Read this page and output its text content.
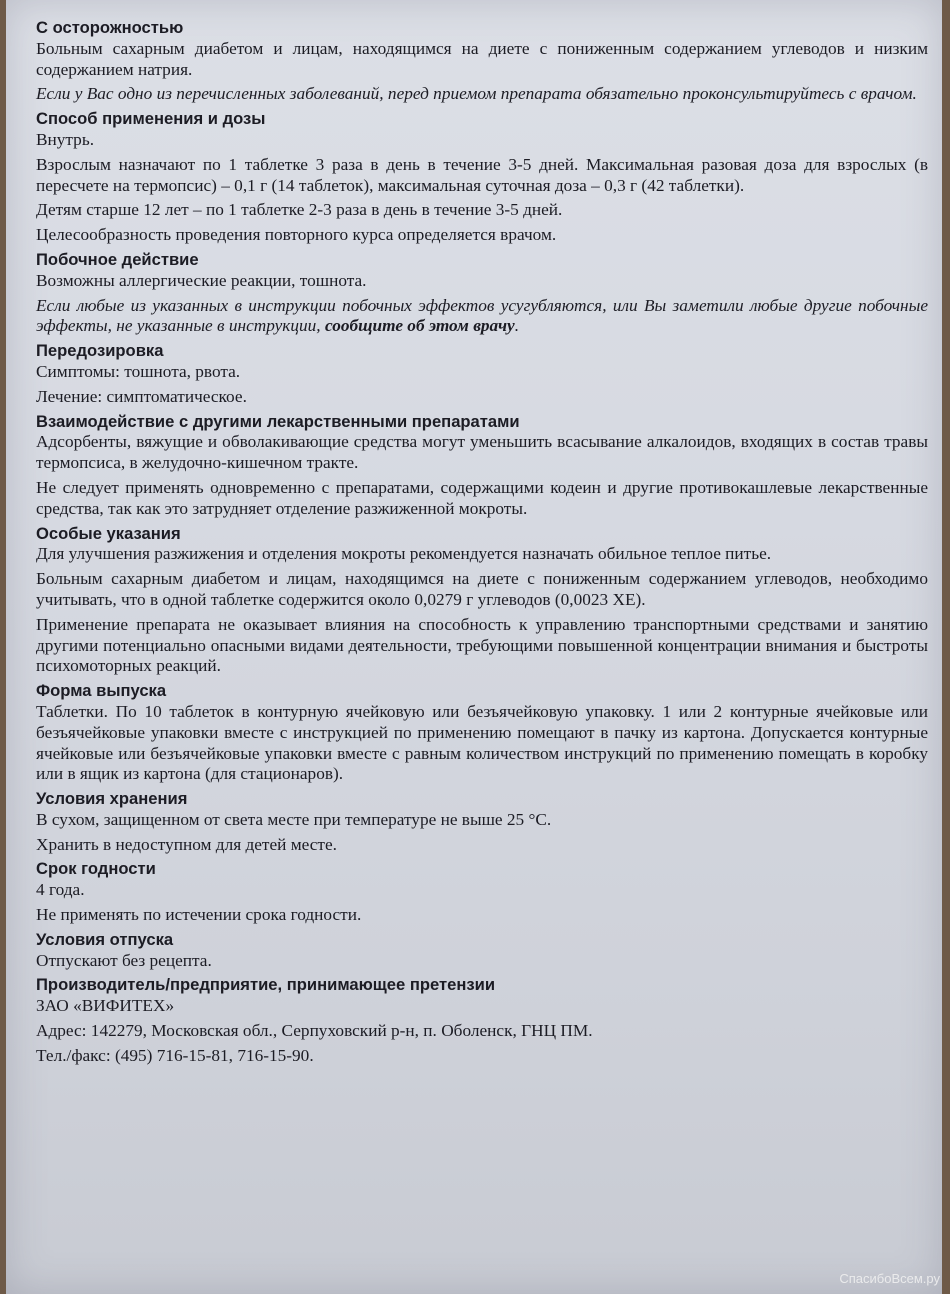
С осторожностью
Больным сахарным диабетом и лицам, находящимся на диете с пониженным содержанием углеводов и низким содержанием натрия.
Если у Вас одно из перечисленных заболеваний, перед приемом препарата обязательно проконсультируйтесь с врачом.
Способ применения и дозы
Внутрь.
Взрослым назначают по 1 таблетке 3 раза в день в течение 3-5 дней. Максимальная разовая доза для взрослых (в пересчете на термопсис) – 0,1 г (14 таблеток), максимальная суточная доза – 0,3 г (42 таблетки).
Детям старше 12 лет – по 1 таблетке 2-3 раза в день в течение 3-5 дней.
Целесообразность проведения повторного курса определяется врачом.
Побочное действие
Возможны аллергические реакции, тошнота.
Если любые из указанных в инструкции побочных эффектов усугубляются, или Вы заметили любые другие побочные эффекты, не указанные в инструкции, сообщите об этом врачу.
Передозировка
Симптомы: тошнота, рвота.
Лечение: симптоматическое.
Взаимодействие с другими лекарственными препаратами
Адсорбенты, вяжущие и обволакивающие средства могут уменьшить всасывание алкалоидов, входящих в состав травы термопсиса, в желудочно-кишечном тракте.
Не следует применять одновременно с препаратами, содержащими кодеин и другие противокашлевые лекарственные средства, так как это затрудняет отделение разжиженной мокроты.
Особые указания
Для улучшения разжижения и отделения мокроты рекомендуется назначать обильное теплое питье.
Больным сахарным диабетом и лицам, находящимся на диете с пониженным содержанием углеводов, необходимо учитывать, что в одной таблетке содержится около 0,0279 г углеводов (0,0023 ХЕ).
Применение препарата не оказывает влияния на способность к управлению транспортными средствами и занятию другими потенциально опасными видами деятельности, требующими повышенной концентрации внимания и быстроты психомоторных реакций.
Форма выпуска
Таблетки. По 10 таблеток в контурную ячейковую или безъячейковую упаковку. 1 или 2 контурные ячейковые или безъячейковые упаковки вместе с инструкцией по применению помещают в пачку из картона. Допускается контурные ячейковые или безъячейковые упаковки вместе с равным количеством инструкций по применению помещать в коробку или в ящик из картона (для стационаров).
Условия хранения
В сухом, защищенном от света месте при температуре не выше 25 °С.
Хранить в недоступном для детей месте.
Срок годности
4 года.
Не применять по истечении срока годности.
Условия отпуска
Отпускают без рецепта.
Производитель/предприятие, принимающее претензии
ЗАО «ВИФИТЕХ»
Адрес: 142279, Московская обл., Серпуховский р-н, п. Оболенск, ГНЦ ПМ.
Тел./факс: (495) 716-15-81, 716-15-90.
СпасибоВсем.ру
